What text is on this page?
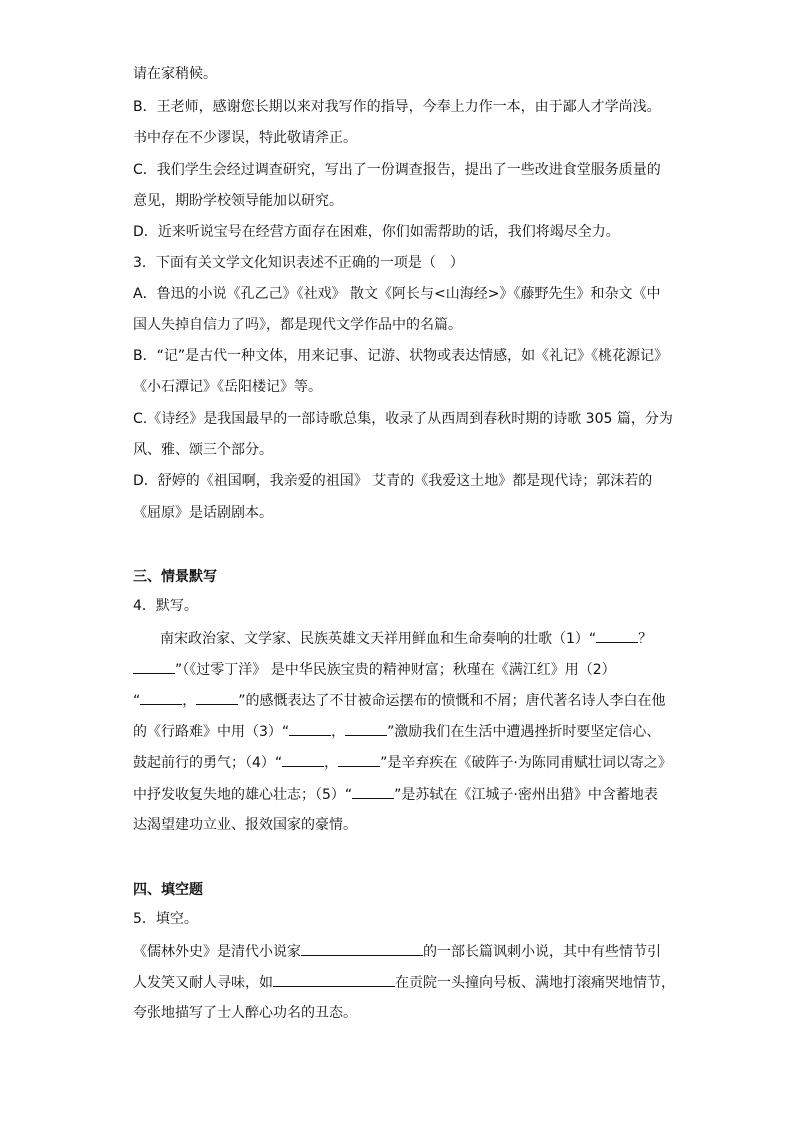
请在家稍候。
B．王老师，感谢您长期以来对我写作的指导，今奉上力作一本，由于鄙人才学尚浅。
书中存在不少谬误，特此敬请斧正。
C．我们学生会经过调查研究，写出了一份调查报告，提出了一些改进食堂服务质量的
意见，期盼学校领导能加以研究。
D．近来听说宝号在经营方面存在困难，你们如需帮助的话，我们将竭尽全力。
3．下面有关文学文化知识表述不正确的一项是（　）
A．鲁迅的小说《孔乙己》《社戏》 散文《阿长与<山海经>》《藤野先生》和杂文《中
国人失掉自信力了吗》，都是现代文学作品中的名篇。
B．“记”是古代一种文体，用来记事、记游、状物或表达情感，如《礼记》《桃花源记》
《小石潭记》《岳阳楼记》等。
C.《诗经》是我国最早的一部诗歌总集，收录了从西周到春秋时期的诗歌 305 篇，分为
风、雅、颂三个部分。
D．舒婷的《祖国啊，我亲爱的祖国》 艾青的《我爱这土地》都是现代诗；郭沫若的
《屈原》是话剧剧本。
三、情景默写
4．默写。
南宋政治家、文学家、民族英雄文天祥用鲜血和生命奏响的壮歌（1）“	？
”（《过零丁洋》 是中华民族宝贵的精神财富；秋瑾在《满江红》用（2）
“	，	”的感慨表达了不甘被命运摆布的愤慨和不屑；唐代著名诗人李白在他
的《行路难》中用（3）“	，	”激励我们在生活中遭遇挫折时要坚定信心、
鼓起前行的勇气；（4）“	，	”是辛弃疾在《破阵子·为陈同甫赋壮词以寄之》
中抒发收复失地的雄心壮志；（5）“	”是苏轼在《江城子·密州出猎》中含蓄地表
达渴望建功立业、报效国家的豪情。
四、填空题
5．填空。
《儒林外史》是清代小说家	的一部长篇讽刺小说，其中有些情节引
人发笑又耐人寻味，如	在贡院一头撞向号板、满地打滚痛哭地情节，
夸张地描写了士人醉心功名的丑态。
